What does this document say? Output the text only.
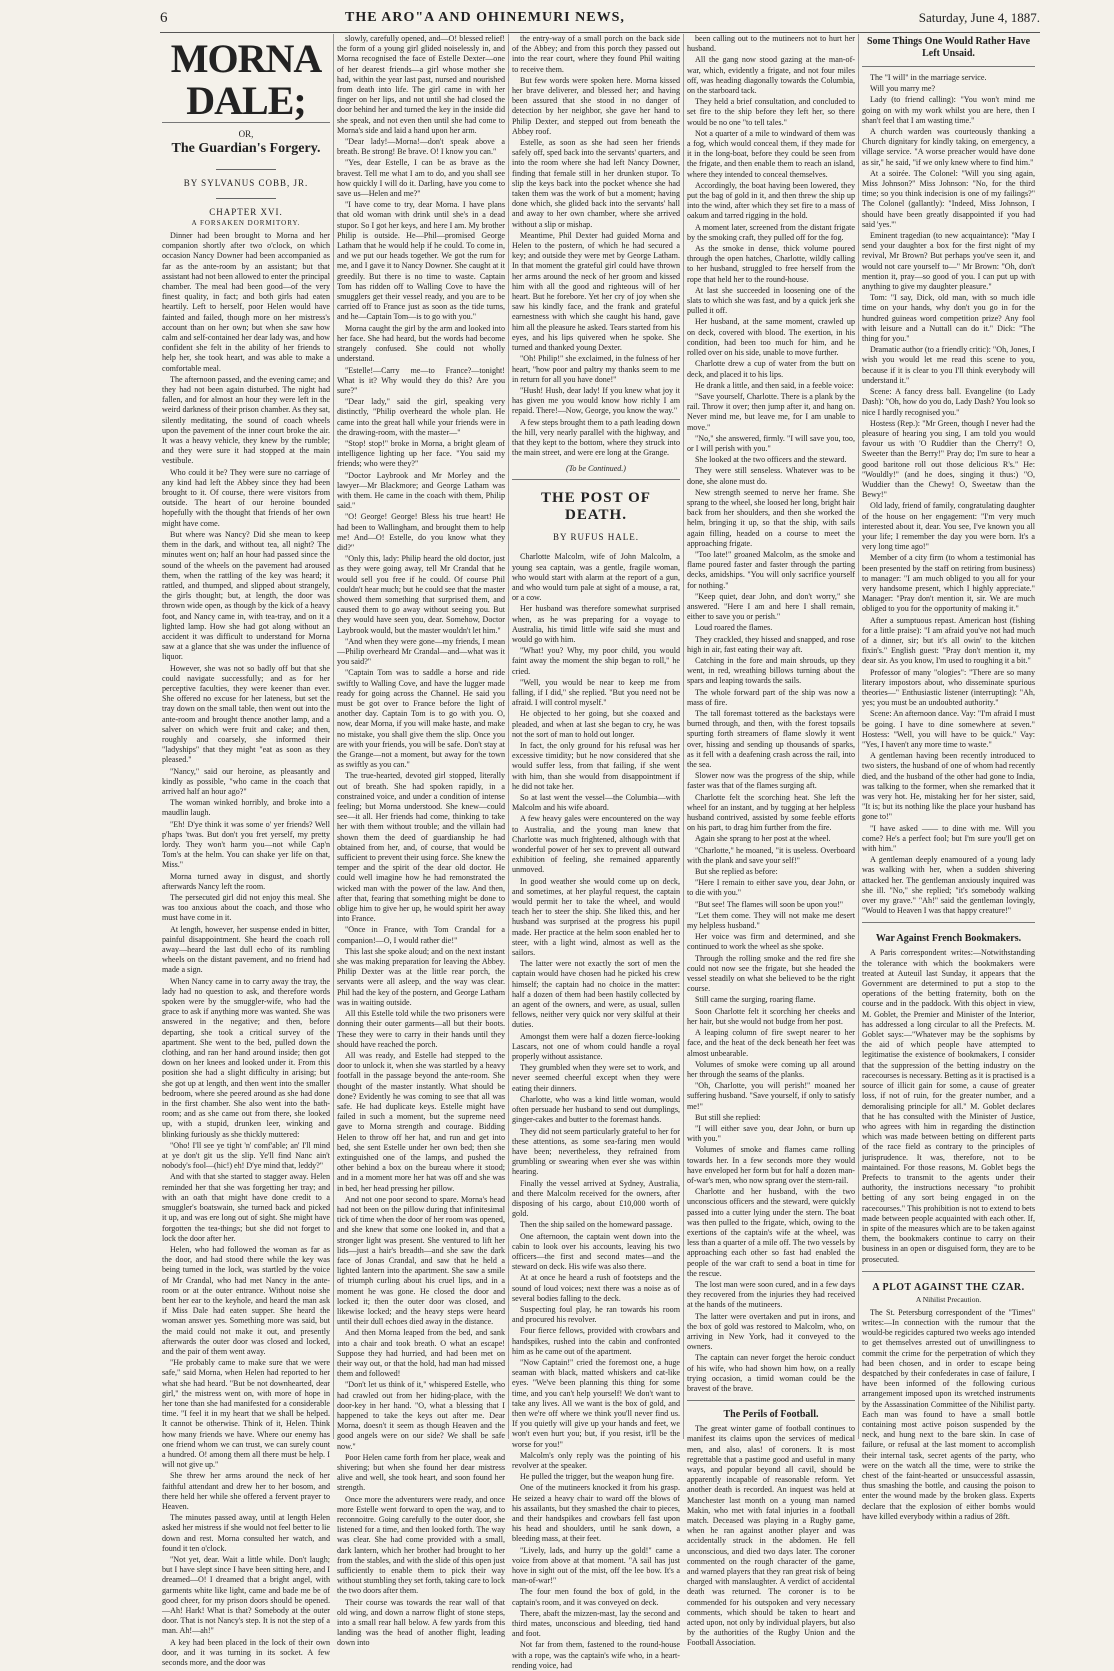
6	THE ARO"A AND OHINEMURI NEWS,	Saturday, June 4, 1887.
MORNA DALE;
OR,
The Guardian's Forgery.
BY SYLVANUS COBB, JR.
CHAPTER XVI.
A FORSAKEN DORMITORY.

Dinner had been brought to Morna and her companion shortly after two o'clock, on which occasion Nancy Downer had been accompanied as far as the ante-room by an assistant; but that assistant had not been allowed to enter the principal chamber. The meal had been good—of the very finest quality, in fact; and both girls had eaten heartily. Left to herself, poor Helen would have fainted and failed, though more on her mistress's account than on her own; but when she saw how calm and self-contained her dear lady was, and how confident she felt in the ability of her friends to help her, she took heart, and was able to make a comfortable meal.

The afternoon passed, and the evening came; and they had not been again disturbed. The night had fallen, and for almost an hour they were left in the weird darkness of their prison chamber. As they sat, silently meditating, the sound of coach wheels upon the pavement of the inner court broke the air. It was a heavy vehicle, they knew by the rumble; and they were sure it had stopped at the main vestibule.

Who could it be? They were sure no carriage of any kind had left the Abbey since they had been brought to it. Of course, there were visitors from outside. The heart of our heroine bounded hopefully with the thought that friends of her own might have come.

But where was Nancy? Did she mean to keep them in the dark, and without tea, all night? The minutes went on; half an hour had passed since the sound of the wheels on the pavement had aroused them, when the rattling of the key was heard; it rattled, and thumped, and slipped about strangely, the girls thought; but, at length, the door was thrown wide open, as though by the kick of a heavy foot, and Nancy came in, with tea-tray, and on it a lighted lamp. How she had got along without an accident it was difficult to understand for Morna saw at a glance that she was under the influence of liquor.

However, she was not so badly off but that she could navigate successfully; and as for her perceptive faculties, they were keener than ever. She offered no excuse for her lateness, but set the tray down on the small table, then went out into the ante-room and brought thence another lamp, and a salver on which were fruit and cake; and then, roughly and coarsely, she informed their "ladyships" that they might "eat as soon as they pleased."

"Nancy," said our heroine, as pleasantly and kindly as possible, "who came in the coach that arrived half an hour ago?"

The woman winked horribly, and broke into a maudlin laugh.

"Eh! D'ye think it was some o' yer friends? Well p'haps 'twas. But don't you fret yerself, my pretty lordy. They won't harm you—not while Cap'n Tom's at the helm. You can shake yer life on that, Miss."

Morna turned away in disgust, and shortly afterwards Nancy left the room.

The persecuted girl did not enjoy this meal. She was too anxious about the coach, and those who must have come in it.

At length, however, her suspense ended in bitter, painful disappointment. She heard the coach roll away—heard the last dull echo of its rumbling wheels on the distant pavement, and no friend had made a sign.

When Nancy came in to carry away the tray, the lady had no question to ask, and therefore words spoken were by the smuggler-wife, who had the grace to ask if anything more was wanted. She was answered in the negative; and then, before departing, she took a critical survey of the apartment. She went to the bed, pulled down the clothing, and ran her hand around inside; then got down on her knees and looked under it. From this position she had a slight difficulty in arising; but she got up at length, and then went into the smaller bedroom, where she peered around as she had done in the first chamber. She also went into the bath-room; and as she came out from there, she looked up, with a stupid, drunken leer, winking and blinking furiously as she thickly muttered:

"Oho! I'll see ye tight 'n' comf'able; an' I'll mind at ye don't git us the slip. Ye'll find Nanc ain't nobody's fool—(hic!) eh! D'ye mind that, leddy?"

And with that she started to stagger away. Helen reminded her that she was forgetting her tray; and with an oath that might have done credit to a smuggler's boatswain, she turned back and picked it up, and was ere long out of sight. She might have forgotten the tea-things; but she did not forget to lock the door after her.

Helen, who had followed the woman as far as the door, and had stood there while the key was being turned in the lock, was startled by the voice of Mr Crandal, who had met Nancy in the ante-room or at the outer entrance. Without noise she bent her ear to the keyhole, and heard the man ask if Miss Dale had eaten supper. She heard the woman answer yes. Something more was said, but the maid could not make it out, and presently afterwards the outer door was closed and locked, and the pair of them went away.

"He probably came to make sure that we were safe," said Morna, when Helen had reported to her what she had heard. "But be not downhearted, dear girl," the mistress went on, with more of hope in her tone than she had manifested for a considerable time. "I feel it in my heart that we shall be helped. It cannot be otherwise. Think of it, Helen. Think how many friends we have. Where our enemy has one friend whom we can trust, we can surely count a hundred. O! among them all there must be help. I will not give up."

She threw her arms around the neck of her faithful attendant and drew her to her bosom, and there held her while she offered a fervent prayer to Heaven.

The minutes passed away, until at length Helen asked her mistress if she would not feel better to lie down and rest. Morna consulted her watch, and found it ten o'clock.

"Not yet, dear. Wait a little while. Don't laugh; but I have slept since I have been sitting here, and I dreamed—O! I dreamed that a bright angel, with garments white like light, came and bade me be of good cheer, for my prison doors should be opened.—Ah! Hark! What is that? Somebody at the outer door. That is not Nancy's step. It is not the step of a man. Ah!—ah!"

A key had been placed in the lock of their own door, and it was turning in its socket. A few seconds more, and the door was

slowly, carefully opened, and—O! blessed relief! the form of a young girl glided noiselessly in, and Morna recognised the face of Estelle Dexter—one of her dearest friends—a girl whose mother she had, within the year last past, nursed and nourished from death into life. The girl came in with her finger on her lips, and not until she had closed the door behind her and turned the key in the inside did she speak, and not even then until she had come to Morna's side and laid a hand upon her arm.

"Dear lady!—Morna!—don't speak above a breath. Be strong! Be brave. O! I know you can."

"Yes, dear Estelle, I can be as brave as the bravest. Tell me what I am to do, and you shall see how quickly I will do it. Darling, have you come to save us—Helen and me?"

"I have come to try, dear Morna. I have plans that old woman with drink until she's in a dead stupor. So I got her keys, and here I am. My brother Philip is outside. He—Phil—promised George Latham that he would help if he could. To come in, and we put our heads together. We got the rum for me, and I gave it to Nancy Downer. She caught at it greedily. But there is no time to waste. Captain Tom has ridden off to Walling Cove to have the smugglers get their vessel ready, and you are to be carried off to France just as soon as the tide turns, and he—Captain Tom—is to go with you."

Morna caught the girl by the arm and looked into her face. She had heard, but the words had become strangely confused. She could not wholly understand.

"Estelle!—Carry me—to France?—tonight! What is it? Why would they do this? Are you sure?"

"Dear lady," said the girl, speaking very distinctly, "Philip overheard the whole plan. He came into the great hall while your friends were in the drawing-room, with the master—"

"Stop! stop!" broke in Morna, a bright gleam of intelligence lighting up her face. "You said my friends; who were they?"

"Doctor Laybrook and Mr Morley and the lawyer—Mr Blackmore; and George Latham was with them. He came in the coach with them, Philip said."

"O! George! George! Bless his true heart! He had been to Wallingham, and brought them to help me! And—O! Estelle, do you know what they did?"

"Only this, lady: Philip heard the old doctor, just as they were going away, tell Mr Crandal that he would sell you free if he could. Of course Phil couldn't hear much; but he could see that the master showed them something that surprised them, and caused them to go away without seeing you. But they would have seen you, dear. Somehow, Doctor Laybrook would, but the master wouldn't let him."

"And when they were gone—my friends, I mean—Philip overheard Mr Crandal—and—what was it you said?"

"Captain Tom was to saddle a horse and ride swiftly to Walling Cove, and have the lugger made ready for going across the Channel. He said you must be got over to France before the light of another day. Captain Tom is to go with you. O, now, dear Morna, if you will make haste, and make no mistake, you shall give them the slip. Once you are with your friends, you will be safe. Don't stay at the Grange—not a moment, but away for the town as swiftly as you can."

The true-hearted, devoted girl stopped, literally out of breath. She had spoken rapidly, in a constrained voice, and under a condition of intense feeling; but Morna understood. She knew—could see—it all. Her friends had come, thinking to take her with them without trouble; and the villain had shown them the deed of guardianship he had obtained from her, and, of course, that would be sufficient to prevent their using force. She knew the temper and the spirit of the dear old doctor. He could well imagine how he had remonstrated the wicked man with the power of the law. And then, after that, fearing that something might be done to oblige him to give her up, he would spirit her away into France.

"Once in France, with Tom Crandal for a companion!—O, I would rather die!"

This last she spoke aloud; and on the next instant she was making preparation for leaving the Abbey. Philip Dexter was at the little rear porch, the servants were all asleep, and the way was clear. Phil had the key of the postern, and George Latham was in waiting outside.

All this Estelle told while the two prisoners were donning their outer garments—all but their boots. These they were to carry in their hands until they should have reached the porch.

All was ready, and Estelle had stepped to the door to unlock it, when she was startled by a heavy footfall in the passage beyond the ante-room. She thought of the master instantly. What should be done? Evidently he was coming to see that all was safe. He had duplicate keys. Estelle might have failed in such a moment, but the supreme need gave to Morna strength and courage. Bidding Helen to throw off her hat, and run and get into bed, she sent Estelle under her own bed; then she extinguished one of the lamps, and pushed the other behind a box on the bureau where it stood; and in a moment more her hat was off and she was in bed, her head pressing her pillow.

And not one poor second to spare. Morna's head had not been on the pillow during that infinitesimal tick of time when the door of her room was opened, and she knew that some one looked in, and that a stronger light was present. She ventured to lift her lids—just a hair's breadth—and she saw the dark face of Jonas Crandal, and saw that he held a lighted lantern into the apartment. She saw a smile of triumph curling about his cruel lips, and in a moment he was gone. He closed the door and locked it; then the outer door was closed, and likewise locked; and the heavy steps were heard until their dull echoes died away in the distance.

And then Morna leaped from the bed, and sank into a chair and took breath. O what an escape! Suppose they had hurried, and had been met on their way out, or that the hold, had man had missed them and followed!

"Don't let us think of it," whispered Estelle, who had crawled out from her hiding-place, with the door-key in her hand. "O, what a blessing that I happened to take the keys out after me. Dear Morna, doesn't it seem as though Heaven and the good angels were on our side? We shall be safe now."

Poor Helen came forth from her place, weak and shivering; but when she found her dear mistress alive and well, she took heart, and soon found her strength.

Once more the adventurers were ready, and once more Estelle went forward to open the way, and to reconnoitre. Going carefully to the outer door, she listened for a time, and then looked forth. The way was clear. She had come provided with a small, dark lantern, which her brother had brought to her from the stables, and with the slide of this open just sufficiently to enable them to pick their way without stumbling they set forth, taking care to lock the two doors after them.

Their course was towards the rear wall of that old wing, and down a narrow flight of stone steps, into a small rear hall below. A few yards from this landing was the head of another flight, leading down into

the entry-way of a small porch on the back side of the Abbey; and from this porch they passed out into the rear court, where they found Phil waiting to receive them.

But few words were spoken here. Morna kissed her brave deliverer, and blessed her; and having been assured that she stood in no danger of detection by her neighbor, she gave her hand to Philip Dexter, and stepped out from beneath the Abbey roof.

Estelle, as soon as she had seen her friends safely off, sped back into the servants' quarters, and into the room where she had left Nancy Downer, finding that female still in her drunken stupor. To slip the keys back into the pocket whence she had taken them was the work of but a moment; having done which, she glided back into the servants' hall and away to her own chamber, where she arrived without a slip or mishap.

Meantime, Phil Dexter had guided Morna and Helen to the postern, of which he had secured a key; and outside they were met by George Latham. In that moment the grateful girl could have thrown her arms around the neck of her groom and kissed him with all the good and righteous will of her heart. But he forebore. Yet her cry of joy when she saw his kindly face, and the frank and grateful earnestness with which she caught his hand, gave him all the pleasure he asked. Tears started from his eyes, and his lips quivered when he spoke. She turned and thanked young Dexter.

"Oh! Philip!" she exclaimed, in the fulness of her heart, "how poor and paltry my thanks seem to me in return for all you have done!"

"Hush! Hush, dear lady! If you knew what joy it has given me you would know how richly I am repaid. There!—Now, George, you know the way."

A few steps brought them to a path leading down the hill, very nearly parallel with the highway, and that they kept to the bottom, where they struck into the main street, and were ere long at the Grange.

(To be Continued.)
THE POST OF DEATH.
BY RUFUS HALE.

Charlotte Malcolm, wife of John Malcolm, a young sea captain, was a gentle, fragile woman, who would start with alarm at the report of a gun, and who would turn pale at sight of a mouse, a rat, or a cow.

Her husband was therefore somewhat surprised when, as he was preparing for a voyage to Australia, his timid little wife said she must and would go with him.

"What! you? Why, my poor child, you would faint away the moment the ship began to roll," he cried.

"Well, you would be near to keep me from falling, if I did," she replied. "But you need not be afraid. I will control myself."

He objected to her going, but she coaxed and pleaded, and when at last she began to cry, he was not the sort of man to hold out longer.

In fact, the only ground for his refusal was her excessive timidity; but he now considered that she would suffer less, from that failing, if she went with him, than she would from disappointment if he did not take her.

So at last went the vessel—the Columbia—with Malcolm and his wife aboard.

A few heavy gales were encountered on the way to Australia, and the young man knew that Charlotte was much frightened, although with that wonderful power of her sex to prevent all outward exhibition of feeling, she remained apparently unmoved.

In good weather she would come up on deck, and sometimes, at her playful request, the captain would permit her to take the wheel, and would teach her to steer the ship. She liked this, and her husband was surprised at the progress his pupil made. Her practice at the helm soon enabled her to steer, with a light wind, almost as well as the sailors.

The latter were not exactly the sort of men the captain would have chosen had he picked his crew himself; the captain had no choice in the matter: half a dozen of them had been hastily collected by an agent of the owners, and were, as usual, sullen fellows, neither very quick nor very skilful at their duties.

Amongst them were half a dozen fierce-looking Lascars, not one of whom could handle a royal properly without assistance.

They grumbled when they were set to work, and never seemed cheerful except when they were eating their dinners.

Charlotte, who was a kind little woman, would often persuade her husband to send out dumplings, ginger-cakes and butter to the foremast hands.

They did not seem particularly grateful to her for these attentions, as some sea-faring men would have been; nevertheless, they refrained from grumbling or swearing when ever she was within hearing.

Finally the vessel arrived at Sydney, Australia, and there Malcolm received for the owners, after disposing of his cargo, about £10,000 worth of gold.

Then the ship sailed on the homeward passage.

One afternoon, the captain went down into the cabin to look over his accounts, leaving his two officers—the first and second mates—and the steward on deck. His wife was also there.

At at once he heard a rush of footsteps and the sound of loud voices; next there was a noise as of several bodies falling to the deck.

Suspecting foul play, he ran towards his room and procured his revolver.

Four fierce fellows, provided with crowbars and handspikes, rushed into the cabin and confronted him as he came out of the apartment.

"Now Captain!" cried the foremost one, a huge seaman with black, matted whiskers and cat-like eyes. "We've been planning this thing for some time, and you can't help yourself! We don't want to take any lives. All we want is the box of gold, and then we're off where we think you'll never find us. If you quietly will give up your hands and feet, we won't even hurt you; but, if you resist, it'll be the worse for you!"

Malcolm's only reply was the pointing of his revolver at the speaker.

He pulled the trigger, but the weapon hung fire.

One of the mutineers knocked it from his grasp. He seized a heavy chair to ward off the blows of his assailants, but they smashed the chair to pieces, and their handspikes and crowbars fell fast upon his head and shoulders, until he sank down, a bleeding mass, at their feet.

"Lively, lads, and hurry up the gold!" came a voice from above at that moment. "A sail has just hove in sight out of the mist, off the lee bow. It's a man-of-war!"

The four men found the box of gold, in the captain's room, and it was conveyed on deck.

There, abaft the mizzen-mast, lay the second and third mates, unconscious and bleeding, tied hand and foot.

Not far from them, fastened to the round-house with a rope, was the captain's wife who, in a heart-rending voice, had

been calling out to the mutineers not to hurt her husband.

All the gang now stood gazing at the man-of-war, which, evidently a frigate, and not four miles off, was heading diagonally towards the Columbia, on the starboard tack.

They held a brief consultation, and concluded to set fire to the ship before they left her, so there would be no one "to tell tales."

Not a quarter of a mile to windward of them was a fog, which would conceal them, if they made for it in the long-boat, before they could be seen from the frigate, and then enable them to reach an island, where they intended to conceal themselves.

Accordingly, the boat having been lowered, they put the bag of gold in it, and then threw the ship up into the wind, after which they set fire to a mass of oakum and tarred rigging in the hold.

A moment later, screened from the distant frigate by the smoking craft, they pulled off for the fog.

As the smoke in dense, thick volume poured through the open hatches, Charlotte, wildly calling to her husband, struggled to free herself from the rope that held her to the round-house.

At last she succeeded in loosening one of the slats to which she was fast, and by a quick jerk she pulled it off.

Her husband, at the same moment, crawled up on deck, covered with blood. The exertion, in his condition, had been too much for him, and he rolled over on his side, unable to move further.

Charlotte drew a cup of water from the butt on deck, and placed it to his lips.

He drank a little, and then said, in a feeble voice:

"Save yourself, Charlotte. There is a plank by the rail. Throw it over; then jump after it, and hang on. Never mind me, but leave me, for I am unable to move."

"No," she answered, firmly. "I will save you, too, or I will perish with you."

She looked at the two officers and the steward.

They were still senseless. Whatever was to be done, she alone must do.

New strength seemed to nerve her frame. She sprang to the wheel, she loosed her long, bright hair back from her shoulders, and then she worked the helm, bringing it up, so that the ship, with sails again filling, headed on a course to meet the approaching frigate.

"Too late!" groaned Malcolm, as the smoke and flame poured faster and faster through the parting decks, amidships. "You will only sacrifice yourself for nothing."

"Keep quiet, dear John, and don't worry," she answered. "Here I am and here I shall remain, either to save you or perish."

Loud roared the flames.

They crackled, they hissed and snapped, and rose high in air, fast eating their way aft.

Catching in the fore and main shrouds, up they went, in red, wreathing billows turning about the spars and leaping towards the sails.

The whole forward part of the ship was now a mass of fire.

The tall foremast tottered as the backstays were burned through, and then, with the forest topsails spurting forth streamers of flame slowly it went over, hissing and sending up thousands of sparks, as it fell with a deafening crash across the rail, into the sea.

Slower now was the progress of the ship, while faster was that of the flames surging aft.

Charlotte felt the scorching heat. She left the wheel for an instant, and by tugging at her helpless husband contrived, assisted by some feeble efforts on his part, to drag him further from the fire.

Again she sprang to her post at the wheel.

"Charlotte," he moaned, "it is useless. Overboard with the plank and save your self!"

But she replied as before:

"Here I remain to either save you, dear John, or to die with you."

"But see! The flames will soon be upon you!"

"Let them come. They will not make me desert my helpless husband."

Her voice was firm and determined, and she continued to work the wheel as she spoke.

Through the rolling smoke and the red fire she could not now see the frigate, but she headed the vessel steadily on what she believed to be the right course.

Still came the surging, roaring flame.

Soon Charlotte felt it scorching her cheeks and her hair, but she would not budge from her post.

A leaping column of fire swept nearer to her face, and the heat of the deck beneath her feet was almost unbearable.

Volumes of smoke were coming up all around her through the seams of the planks.

"Oh, Charlotte, you will perish!" moaned her suffering husband. "Save yourself, if only to satisfy me!"

But still she replied:

"I will either save you, dear John, or burn up with you."

Volumes of smoke and flames came rolling towards her. In a few seconds more they would have enveloped her form but for half a dozen man-of-war's men, who now sprang over the stern-rail.

Charlotte and her husband, with the two unconscious officers and the steward, were quickly passed into a cutter lying under the stern. The boat was then pulled to the frigate, which, owing to the exertions of the captain's wife at the wheel, was less than a quarter of a mile off. The two vessels by approaching each other so fast had enabled the people of the war craft to send a boat in time for the rescue.

The lost man were soon cured, and in a few days they recovered from the injuries they had received at the hands of the mutineers.

The latter were overtaken and put in irons, and the box of gold was restored to Malcolm, who, on arriving in New York, had it conveyed to the owners.

The captain can never forget the heroic conduct of his wife, who had shown him how, on a really trying occasion, a timid woman could be the bravest of the brave.

The Perils of Football.

The great winter game of football continues to manifest its claims upon the services of medical men, and also, alas! of coroners. It is most regrettable that a pastime good and useful in many ways, and popular beyond all cavil, should be apparently incapable of reasonable reform. Yet another death is recorded. An inquest was held at Manchester last month on a young man named Makin, who met with fatal injuries in a football match. Deceased was playing in a Rugby game, when he ran against another player and was accidentally struck in the abdomen. He fell unconscious, and died two days later. The coroner commented on the rough character of the game, and warned players that they ran great risk of being charged with manslaughter. A verdict of accidental death was returned. The coroner is to be commended for his outspoken and very necessary comments, which should be taken to heart and acted upon, not only by individual players, but also by the authorities of the Rugby Union and the Football Association.

Some Things One Would Rather Have Left Unsaid.

The "I will" in the marriage service.

Will you marry me?

Lady (to friend calling): "You won't mind me going on with my work whilst you are here, then I shan't feel that I am wasting time."

A church warden was courteously thanking a Church dignitary for kindly taking, on emergency, a village service. "A worse preacher would have done as sir," he said, "if we only knew where to find him."

At a soirée. The Colonel: "Will you sing again, Miss Johnson?" Miss Johnson: "No, for the third time; so you think indecision is one of my failings?" The Colonel (gallantly): "Indeed, Miss Johnson, I should have been greatly disappointed if you had said 'yes.'"

Eminent tragedian (to new acquaintance): "May I send your daughter a box for the first night of my revival, Mr Brown? But perhaps you've seen it, and would not care yourself to—" Mr Brown: "Oh, don't mention it, pray—so good of you. I can put up with anything to give my daughter pleasure."

Tom: "I say, Dick, old man, with so much idle time on your hands, why don't you go in for the hundred guineas word competition prize? Any fool with leisure and a Nuttall can do it." Dick: "The thing for you."

Dramatic author (to a friendly critic): "Oh, Jones, I wish you would let me read this scene to you, because if it is clear to you I'll think everybody will understand it."

Scene: A fancy dress ball. Evangeline (to Lady Dash): "Oh, how do you do, Lady Dash? You look so nice I hardly recognised you."

Hostess (Rep.): "Mr Green, though I never had the pleasure of hearing you sing, I am told you would favour us with 'O Ruddier than the Cherry'! O, Sweeter than the Berry!" Pray do; I'm sure to hear a good baritone roll out those delicious R's." He: "Wouldly!" (and he does, singing it thus:) "O, Wuddier than the Chewy! O, Sweetaw than the Bewy!"

Old lady, friend of family, congratulating daughter of the house on her engagement: "I'm very much interested about it, dear. You see, I've known you all your life; I remember the day you were born. It's a very long time ago!"

Member of a city firm (to whom a testimonial has been presented by the staff on retiring from business) to manager: "I am much obliged to you all for your very handsome present, which I highly appreciate." Manager: "Pray don't mention it, sir. We are much obliged to you for the opportunity of making it."

After a sumptuous repast. American host (fishing for a little praise): "I am afraid you've not had much of a dinner, sir; but it's all owin' to the kitchen fixin's." English guest: "Pray don't mention it, my dear sir. As you know, I'm used to roughing it a bit."

Professor of many "ologies": "There are so many literary impostors about, who disseminate spurious theories—" Enthusiastic listener (interrupting): "Ah, yes; you must be an undoubted authority."

Scene: An afternoon dance. Vay: "I'm afraid I must be going. I have to dine somewhere at seven." Hostess: "Well, you will have to be quick." Vay: "Yes, I haven't any more time to waste."

A gentleman having been recently introduced to two sisters, the husband of one of whom had recently died, and the husband of the other had gone to India, was talking to the former, when she remarked that it was very hot. He, mistaking her for her sister, said, "It is; but its nothing like the place your husband has gone to!"

"I have asked —— to dine with me. Will you come? He's a perfect fool; but I'm sure you'll get on with him."

A gentleman deeply enamoured of a young lady was walking with her, when a sudden shivering attacked her. The gentleman anxiously inquired was she ill. "No," she replied; "it's somebody walking over my grave." "Ah!" said the gentleman lovingly, "Would to Heaven I was that happy creature!"

War Against French Bookmakers.

A Paris correspondent writes:—Notwithstanding the tolerance with which the bookmakers were treated at Auteuil last Sunday, it appears that the Government are determined to put a stop to the operations of the betting fraternity, both on the course and in the paddock. With this object in view, M. Goblet, the Premier and Minister of the Interior, has addressed a long circular to all the Prefects. M. Goblet says:—"Whatever may be the sophisms by the aid of which people have attempted to legitimatise the existence of bookmakers, I consider that the suppression of the betting industry on the racecourses is necessary. Betting as it is practised is a source of illicit gain for some, a cause of greater loss, if not of ruin, for the greater number, and a demoralising principle for all." M. Goblet declares that he has consulted with the Minister of Justice, who agrees with him in regarding the distinction which was made between betting on different parts of the race field as contrary to the principles of jurisprudence. It was, therefore, not to be maintained. For those reasons, M. Goblet begs the Prefects to transmit to the agents under their authority, the instructions necessary "to prohibit betting of any sort being engaged in on the racecourses." This prohibition is not to extend to bets made between people acquainted with each other. If, in spite of the measures which are to be taken against them, the bookmakers continue to carry on their business in an open or disguised form, they are to be prosecuted.

A PLOT AGAINST THE CZAR.
A Nihilist Precaution.

The St. Petersburg correspondent of the "Times" writes:—In connection with the rumour that the would-be regicides captured two weeks ago intended to get themselves arrested out of unwillingness to commit the crime for the perpetration of which they had been chosen, and in order to escape being despatched by their confederates in case of failure, I have been informed of the following curious arrangement imposed upon its wretched instruments by the Assassination Committee of the Nihilist party. Each man was found to have a small bottle containing most active poison suspended by the neck, and hung next to the bare skin. In case of failure, or refusal at the last moment to accomplish their internal task, secret agents of the party, who were on the watch all the time, were to strike the chest of the faint-hearted or unsuccessful assassin, thus smashing the bottle, and causing the poison to enter the wound made by the broken glass. Experts declare that the explosion of either bombs would have killed everybody within a radius of 28ft.
